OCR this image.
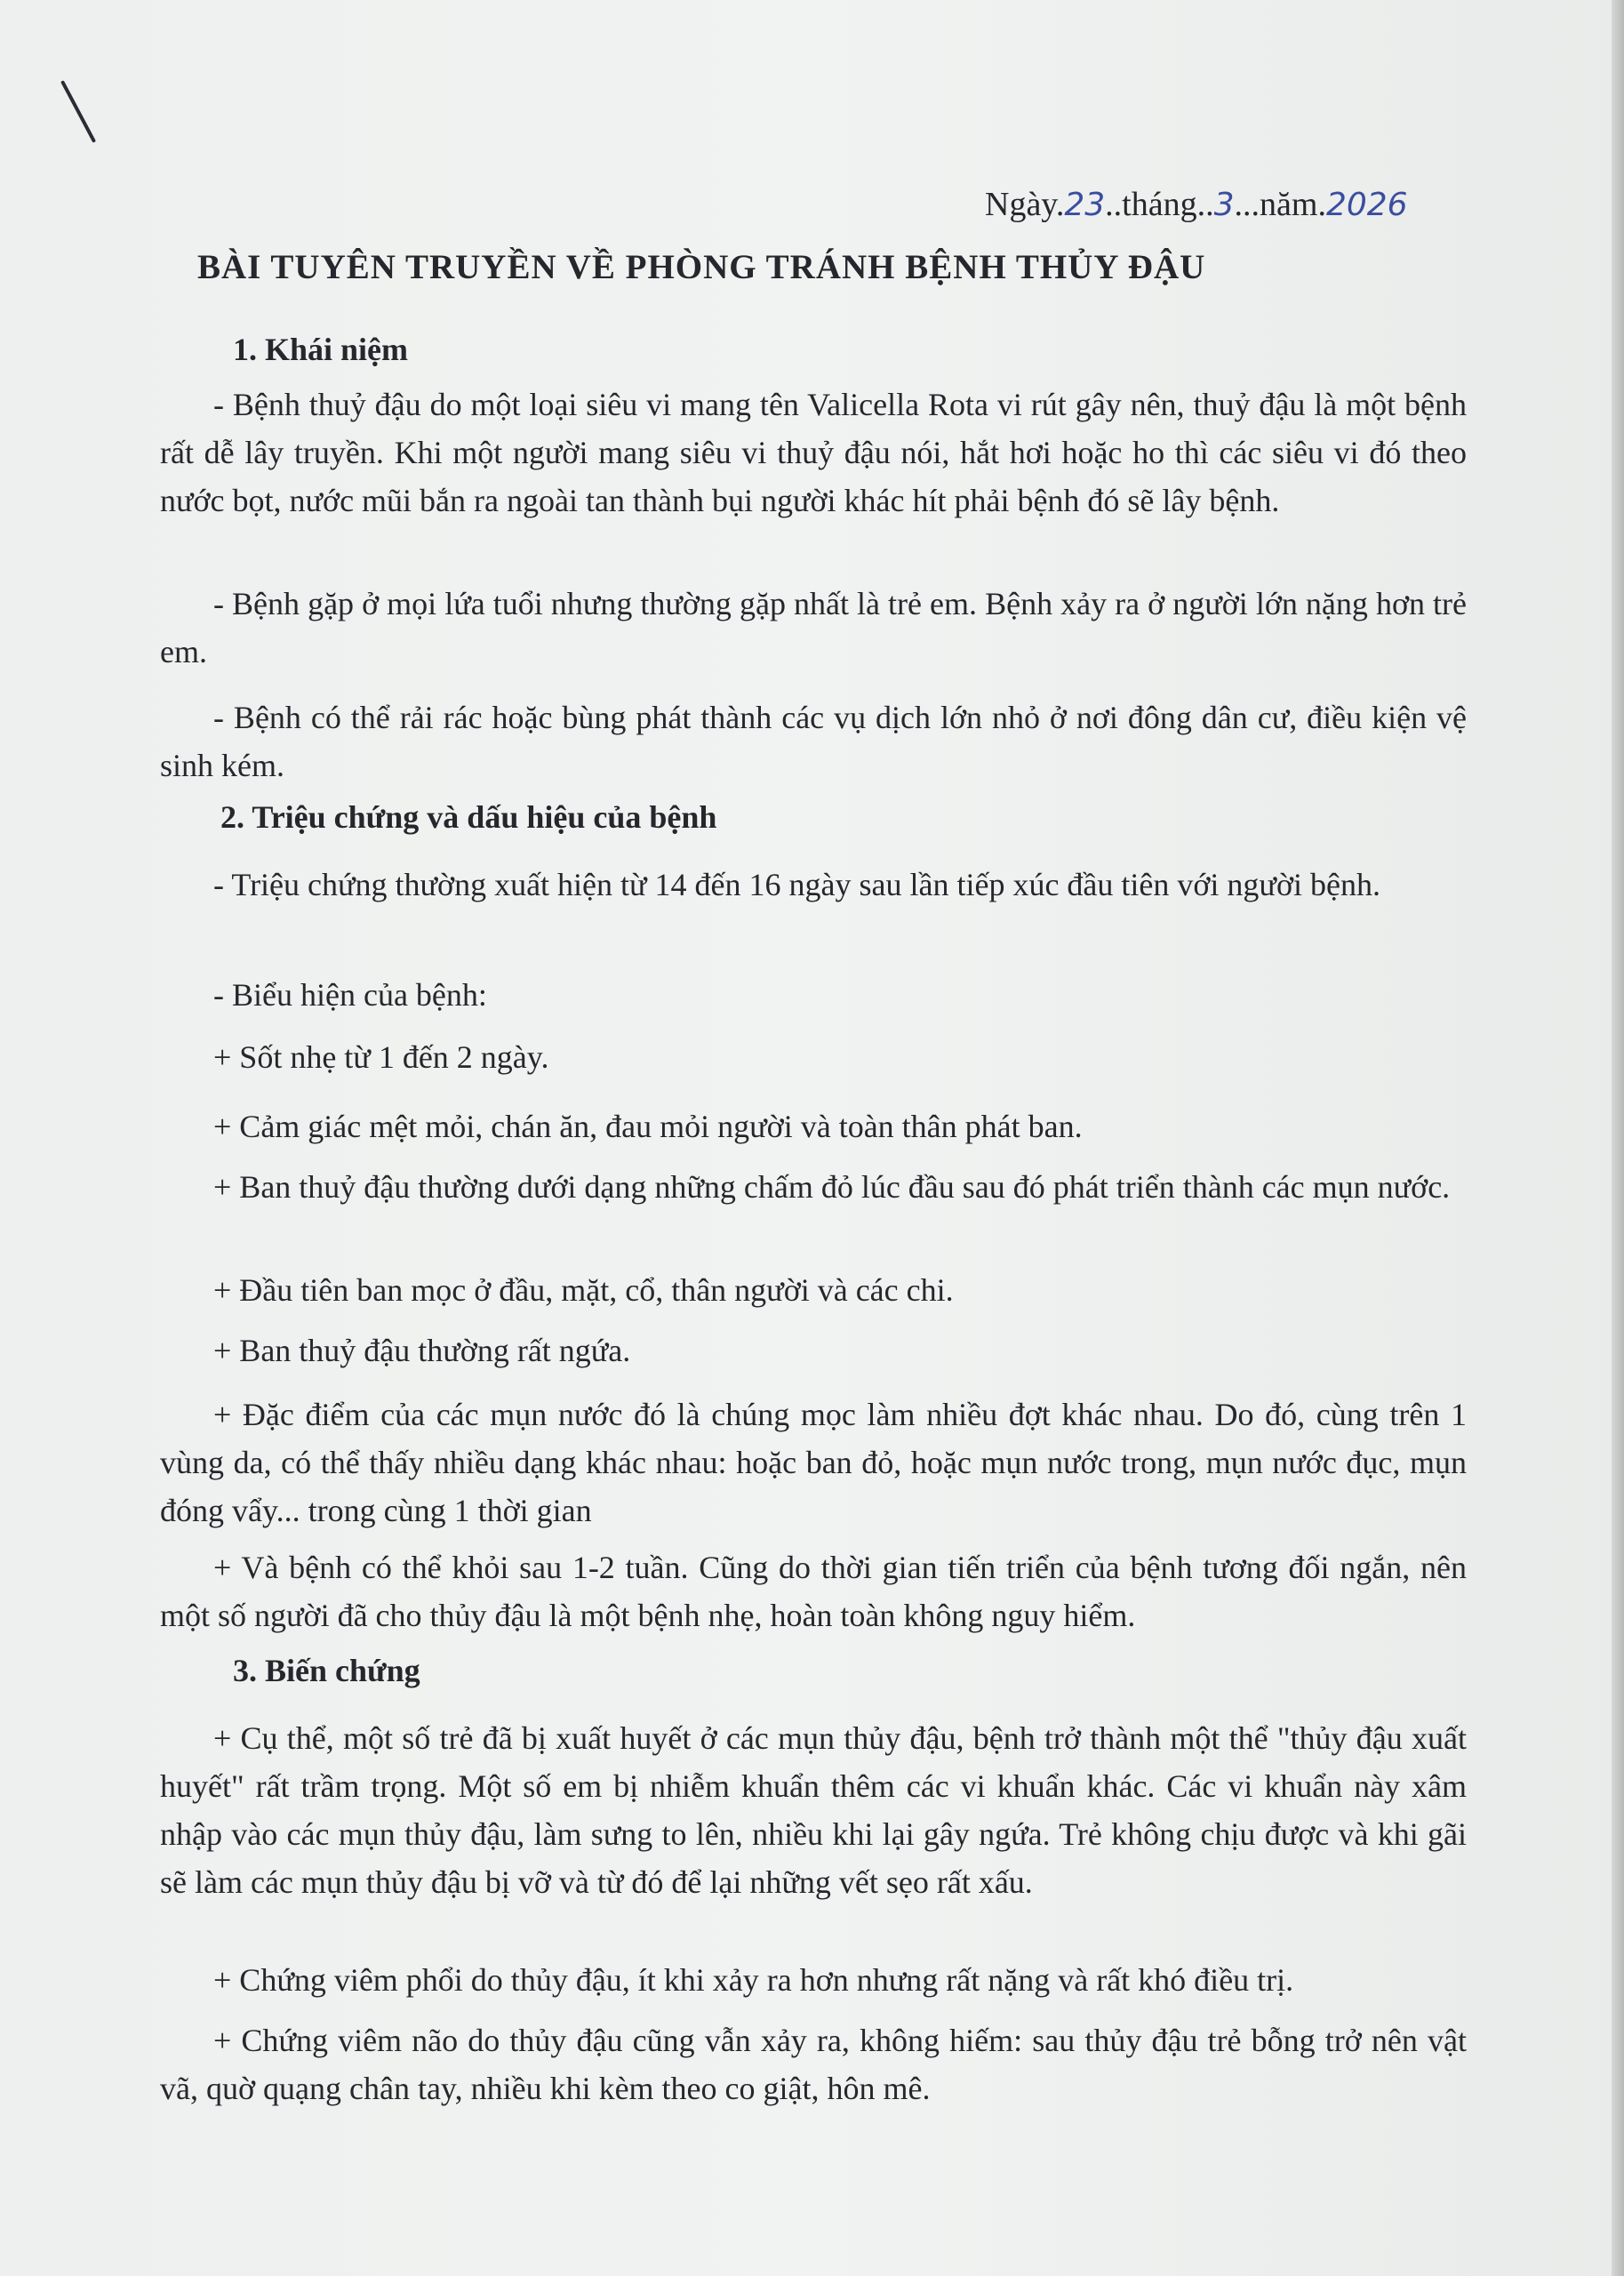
Ngày.23..tháng..3...năm.2026
BÀI TUYÊN TRUYỀN VỀ PHÒNG TRÁNH BỆNH THỦY ĐẬU
1. Khái niệm
- Bệnh thuỷ đậu do một loại siêu vi mang tên Valicella Rota vi rút gây nên, thuỷ đậu là một bệnh rất dễ lây truyền. Khi một người mang siêu vi thuỷ đậu nói, hắt hơi hoặc ho thì các siêu vi đó theo nước bọt, nước mũi bắn ra ngoài tan thành bụi người khác hít phải bệnh đó sẽ lây bệnh.
- Bệnh gặp ở mọi lứa tuổi nhưng thường gặp nhất là trẻ em. Bệnh xảy ra ở người lớn nặng hơn trẻ em.
- Bệnh có thể rải rác hoặc bùng phát thành các vụ dịch lớn nhỏ ở nơi đông dân cư, điều kiện vệ sinh kém.
2. Triệu chứng và dấu hiệu của bệnh
- Triệu chứng thường xuất hiện từ 14 đến 16 ngày sau lần tiếp xúc đầu tiên với người bệnh.
- Biểu hiện của bệnh:
+ Sốt nhẹ từ 1 đến 2 ngày.
+ Cảm giác mệt mỏi, chán ăn, đau mỏi người và toàn thân phát ban.
+ Ban thuỷ đậu thường dưới dạng những chấm đỏ lúc đầu sau đó phát triển thành các mụn nước.
+ Đầu tiên ban mọc ở đầu, mặt, cổ, thân người và các chi.
+ Ban thuỷ đậu thường rất ngứa.
+ Đặc điểm của các mụn nước đó là chúng mọc làm nhiều đợt khác nhau. Do đó, cùng trên 1 vùng da, có thể thấy nhiều dạng khác nhau: hoặc ban đỏ, hoặc mụn nước trong, mụn nước đục, mụn đóng vẩy... trong cùng 1 thời gian
+ Và bệnh có thể khỏi sau 1-2 tuần. Cũng do thời gian tiến triển của bệnh tương đối ngắn, nên một số người đã cho thủy đậu là một bệnh nhẹ, hoàn toàn không nguy hiểm.
3. Biến chứng
+ Cụ thể, một số trẻ đã bị xuất huyết ở các mụn thủy đậu, bệnh trở thành một thể "thủy đậu xuất huyết" rất trầm trọng. Một số em bị nhiễm khuẩn thêm các vi khuẩn khác. Các vi khuẩn này xâm nhập vào các mụn thủy đậu, làm sưng to lên, nhiều khi lại gây ngứa. Trẻ không chịu được và khi gãi sẽ làm các mụn thủy đậu bị vỡ và từ đó để lại những vết sẹo rất xấu.
+ Chứng viêm phổi do thủy đậu, ít khi xảy ra hơn nhưng rất nặng và rất khó điều trị.
+ Chứng viêm não do thủy đậu cũng vẫn xảy ra, không hiếm: sau thủy đậu trẻ bỗng trở nên vật vã, quờ quạng chân tay, nhiều khi kèm theo co giật, hôn mê.
